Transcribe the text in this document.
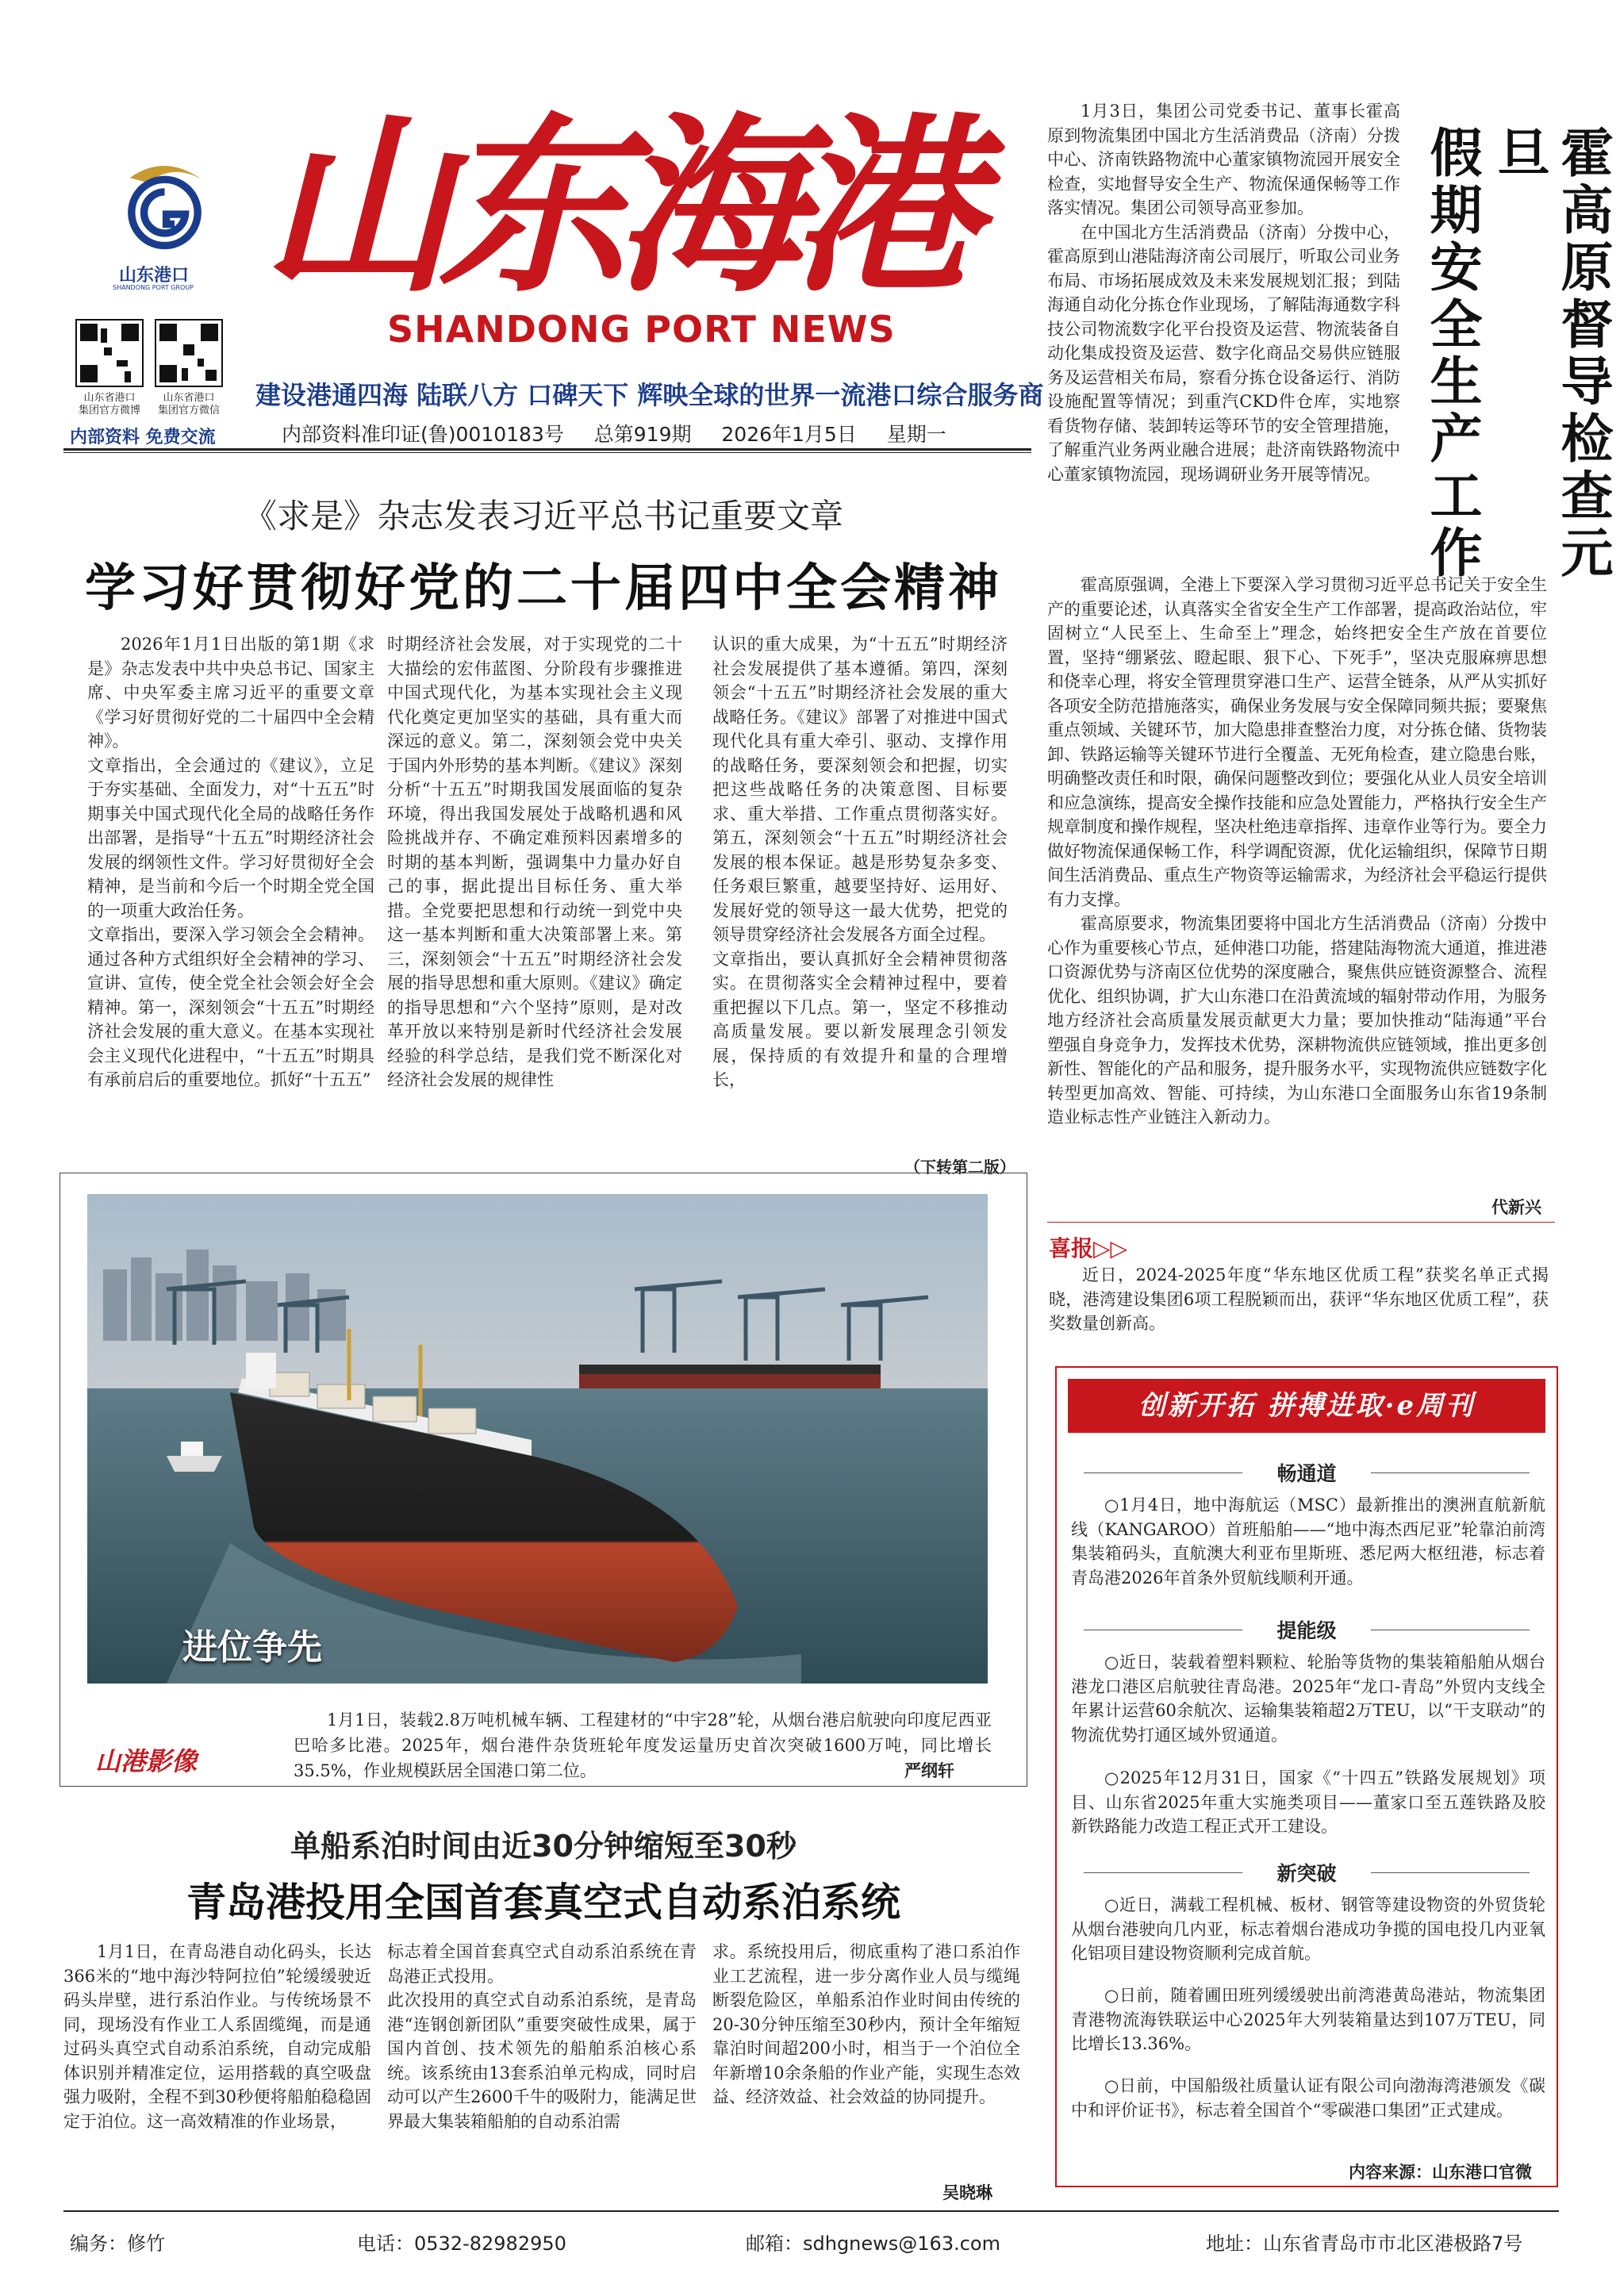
山东港口
SHANDONG PORT GROUP 山东海港
SHANDONG PORT NEWS
山东省港口
集团官方微博
山东省港口
集团官方微信
内部资料 免费交流
建设港通四海 陆联八方 口碑天下 辉映全球的世界一流港口综合服务商
内部资料准印证(鲁)0010183号 总第919期 2026年1月5日 星期一	霍高原督导检查元旦
假期安全生产工作

1月3日，集团公司党委书记、董事长霍高原到物流集团中国北方生活消费品（济南）分拨中心、济南铁路物流中心董家镇物流园开展安全检查，实地督导安全生产、物流保通保畅等工作落实情况。集团公司领导高亚参加。

在中国北方生活消费品（济南）分拨中心，霍高原到山港陆海济南公司展厅，听取公司业务布局、市场拓展成效及未来发展规划汇报；到陆海通自动化分拣仓作业现场，了解陆海通数字科技公司物流数字化平台投资及运营、物流装备自动化集成投资及运营、数字化商品交易供应链服务及运营相关布局，察看分拣仓设备运行、消防设施配置等情况；到重汽CKD件仓库，实地察看货物存储、装卸转运等环节的安全管理措施，了解重汽业务两业融合进展；赴济南铁路物流中心董家镇物流园，现场调研业务开展等情况。

霍高原强调，全港上下要深入学习贯彻习近平总书记关于安全生产的重要论述，认真落实全省安全生产工作部署，提高政治站位，牢固树立“人民至上、生命至上”理念，始终把安全生产放在首要位置，坚持“绷紧弦、瞪起眼、狠下心、下死手”，坚决克服麻痹思想和侥幸心理，将安全管理贯穿港口生产、运营全链条，从严从实抓好各项安全防范措施落实，确保业务发展与安全保障同频共振；要聚焦重点领域、关键环节，加大隐患排查整治力度，对分拣仓储、货物装卸、铁路运输等关键环节进行全覆盖、无死角检查，建立隐患台账，明确整改责任和时限，确保问题整改到位；要强化从业人员安全培训和应急演练，提高安全操作技能和应急处置能力，严格执行安全生产规章制度和操作规程，坚决杜绝违章指挥、违章作业等行为。要全力做好物流保通保畅工作，科学调配资源，优化运输组织，保障节日期间生活消费品、重点生产物资等运输需求，为经济社会平稳运行提供有力支撑。

霍高原要求，物流集团要将中国北方生活消费品（济南）分拨中心作为重要核心节点，延伸港口功能，搭建陆海物流大通道，推进港口资源优势与济南区位优势的深度融合，聚焦供应链资源整合、流程优化、组织协调，扩大山东港口在沿黄流域的辐射带动作用，为服务地方经济社会高质量发展贡献更大力量；要加快推动“陆海通”平台塑强自身竞争力，发挥技术优势，深耕物流供应链领域，推出更多创新性、智能化的产品和服务，提升服务水平，实现物流供应链数字化转型更加高效、智能、可持续，为山东港口全面服务山东省19条制造业标志性产业链注入新动力。

代新兴
喜报▷▷
近日，2024-2025年度“华东地区优质工程”获奖名单正式揭晓，港湾建设集团6项工程脱颖而出，获评“华东地区优质工程”，获奖数量创新高。
《求是》杂志发表习近平总书记重要文章
学习好贯彻好党的二十届四中全会精神
2026年1月1日出版的第1期《求是》杂志发表中共中央总书记、国家主席、中央军委主席习近平的重要文章《学习好贯彻好党的二十届四中全会精神》。
文章指出，全会通过的《建议》，立足于夯实基础、全面发力，对“十五五”时期事关中国式现代化全局的战略任务作出部署，是指导“十五五”时期经济社会发展的纲领性文件。学习好贯彻好全会精神，是当前和今后一个时期全党全国的一项重大政治任务。
文章指出，要深入学习领会全会精神。通过各种方式组织好全会精神的学习、宣讲、宣传，使全党全社会领会好全会精神。第一，深刻领会“十五五”时期经济社会发展的重大意义。在基本实现社会主义现代化进程中，“十五五”时期具有承前启后的重要地位。抓好“十五五”
时期经济社会发展，对于实现党的二十大描绘的宏伟蓝图、分阶段有步骤推进中国式现代化，为基本实现社会主义现代化奠定更加坚实的基础，具有重大而深远的意义。第二，深刻领会党中央关于国内外形势的基本判断。《建议》深刻分析“十五五”时期我国发展面临的复杂环境，得出我国发展处于战略机遇和风险挑战并存、不确定难预料因素增多的时期的基本判断，强调集中力量办好自己的事，据此提出目标任务、重大举措。全党要把思想和行动统一到党中央这一基本判断和重大决策部署上来。第三，深刻领会“十五五”时期经济社会发展的指导思想和重大原则。《建议》确定的指导思想和“六个坚持”原则，是对改革开放以来特别是新时代经济社会发展经验的科学总结，是我们党不断深化对经济社会发展的规律性
认识的重大成果，为“十五五”时期经济社会发展提供了基本遵循。第四，深刻领会“十五五”时期经济社会发展的重大战略任务。《建议》部署了对推进中国式现代化具有重大牵引、驱动、支撑作用的战略任务，要深刻领会和把握，切实把这些战略任务的决策意图、目标要求、重大举措、工作重点贯彻落实好。第五，深刻领会“十五五”时期经济社会发展的根本保证。越是形势复杂多变、任务艰巨繁重，越要坚持好、运用好、发展好党的领导这一最大优势，把党的领导贯穿经济社会发展各方面全过程。
文章指出，要认真抓好全会精神贯彻落实。在贯彻落实全会精神过程中，要着重把握以下几点。第一，坚定不移推动高质量发展。要以新发展理念引领发展，保持质的有效提升和量的合理增长，
（下转第二版）
进位争先
山港影像
1月1日，装载2.8万吨机械车辆、工程建材的“中宇28”轮，从烟台港启航驶向印度尼西亚巴哈多比港。2025年，烟台港件杂货班轮年度发运量历史首次突破1600万吨，同比增长35.5%，作业规模跃居全国港口第二位。	严纲轩
单船系泊时间由近30分钟缩短至30秒
青岛港投用全国首套真空式自动系泊系统
1月1日，在青岛港自动化码头，长达366米的“地中海沙特阿拉伯”轮缓缓驶近码头岸壁，进行系泊作业。与传统场景不同，现场没有作业工人系固缆绳，而是通过码头真空式自动系泊系统，自动完成船体识别并精准定位，运用搭载的真空吸盘强力吸附，全程不到30秒便将船舶稳稳固定于泊位。这一高效精准的作业场景，
标志着全国首套真空式自动系泊系统在青岛港正式投用。
此次投用的真空式自动系泊系统，是青岛港“连钢创新团队”重要突破性成果，属于国内首创、技术领先的船舶系泊核心系统。该系统由13套系泊单元构成，同时启动可以产生2600千牛的吸附力，能满足世界最大集装箱船舶的自动系泊需
求。系统投用后，彻底重构了港口系泊作业工艺流程，进一步分离作业人员与缆绳断裂危险区，单船系泊作业时间由传统的20-30分钟压缩至30秒内，预计全年缩短靠泊时间超200小时，相当于一个泊位全年新增10余条船的作业产能，实现生态效益、经济效益、社会效益的协同提升。
吴晓琳
创新开拓 拼搏进取·e周刊
畅通道
○1月4日，地中海航运（MSC）最新推出的澳洲直航新航线（KANGAROO）首班船舶——“地中海杰西尼亚”轮靠泊前湾集装箱码头，直航澳大利亚布里斯班、悉尼两大枢纽港，标志着青岛港2026年首条外贸航线顺利开通。
提能级
○近日，装载着塑料颗粒、轮胎等货物的集装箱船舶从烟台港龙口港区启航驶往青岛港。2025年“龙口-青岛”外贸内支线全年累计运营60余航次、运输集装箱超2万TEU，以“干支联动”的物流优势打通区域外贸通道。
○2025年12月31日，国家《“十四五”铁路发展规划》项目、山东省2025年重大实施类项目——董家口至五莲铁路及胶新铁路能力改造工程正式开工建设。
新突破
○近日，满载工程机械、板材、钢管等建设物资的外贸货轮从烟台港驶向几内亚，标志着烟台港成功争揽的国电投几内亚氧化铝项目建设物资顺利完成首航。
○日前，随着圃田班列缓缓驶出前湾港黄岛港站，物流集团青港物流海铁联运中心2025年大列装箱量达到107万TEU，同比增长13.36%。
○日前，中国船级社质量认证有限公司向渤海湾港颁发《碳中和评价证书》，标志着全国首个“零碳港口集团”正式建成。
内容来源：山东港口官微
编务：修竹	电话：0532-82982950	邮箱：sdhgnews@163.com	地址：山东省青岛市市北区港极路7号
